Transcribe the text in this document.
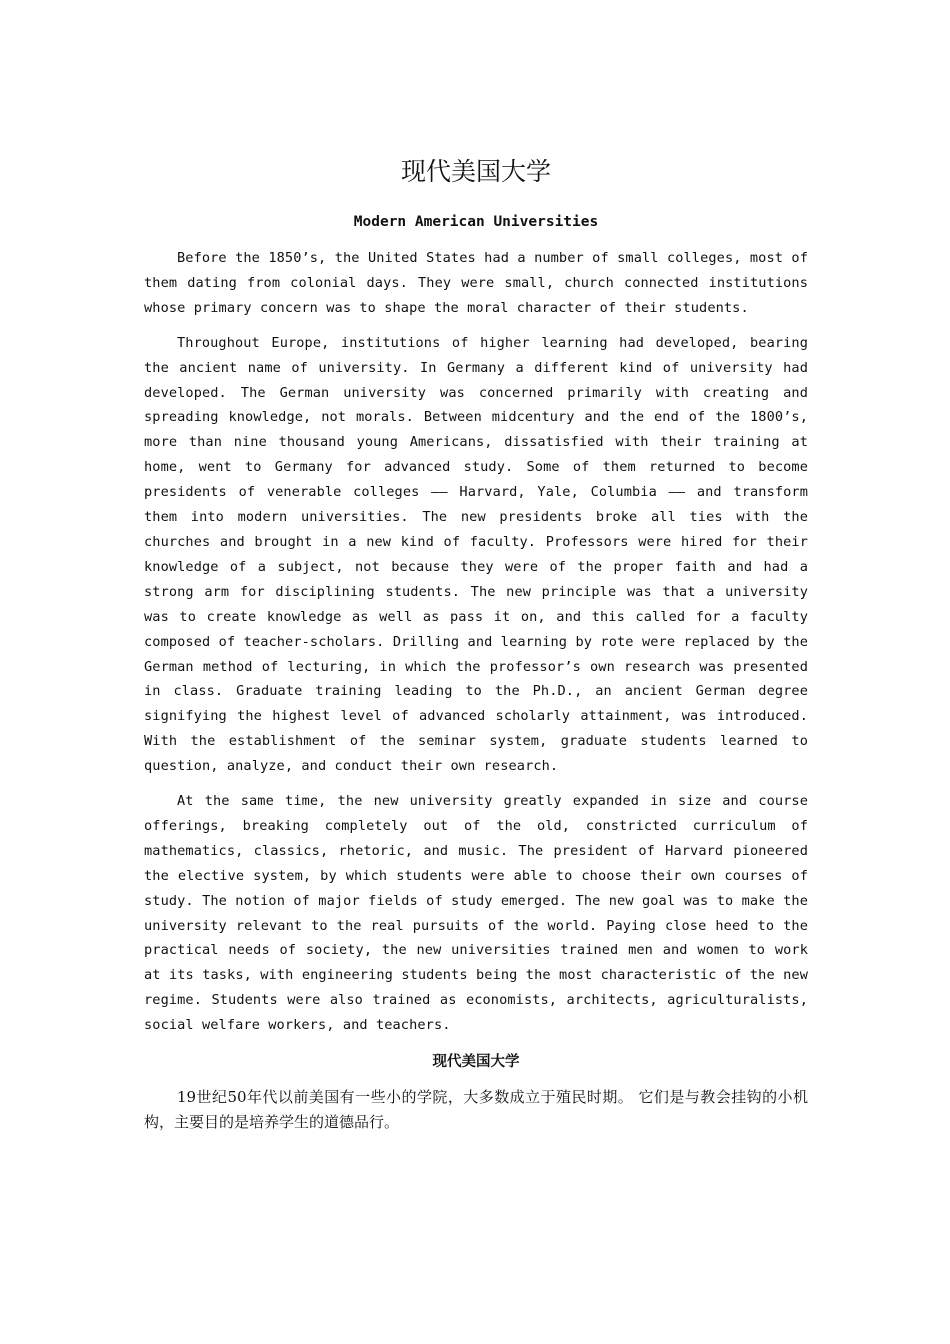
现代美国大学
Modern American Universities

Before the 1850’s, the United States had a number of small colleges, most of them dating from colonial days. They were small, church connected institutions whose primary concern was to shape the moral character of their students.

Throughout Europe, institutions of higher learning had developed, bearing the ancient name of university. In Germany a different kind of university had developed. The German university was concerned primarily with creating and spreading knowledge, not morals. Between midcentury and the end of the 1800’s, more than nine thousand young Americans, dissatisfied with their training at home, went to Germany for advanced study. Some of them returned to become presidents of venerable colleges —— Harvard, Yale, Columbia —— and transform them into modern universities. The new presidents broke all ties with the churches and brought in a new kind of faculty. Professors were hired for their knowledge of a subject, not because they were of the proper faith and had a strong arm for disciplining students. The new principle was that a university was to create knowledge as well as pass it on, and this called for a faculty composed of teacher-scholars. Drilling and learning by rote were replaced by the German method of lecturing, in which the professor’s own research was presented in class. Graduate training leading to the Ph.D., an ancient German degree signifying the highest level of advanced scholarly attainment, was introduced. With the establishment of the seminar system, graduate students learned to question, analyze, and conduct their own research.

At the same time, the new university greatly expanded in size and course offerings, breaking completely out of the old, constricted curriculum of mathematics, classics, rhetoric, and music. The president of Harvard pioneered the elective system, by which students were able to choose their own courses of study. The notion of major fields of study emerged. The new goal was to make the university relevant to the real pursuits of the world. Paying close heed to the practical needs of society, the new universities trained men and women to work at its tasks, with engineering students being the most characteristic of the new regime. Students were also trained as economists, architects, agriculturalists, social welfare workers, and teachers.

现代美国大学

19世纪50年代以前美国有一些小的学院，大多数成立于殖民时期。 它们是与教会挂钩的小机构，主要目的是培养学生的道德品行。
